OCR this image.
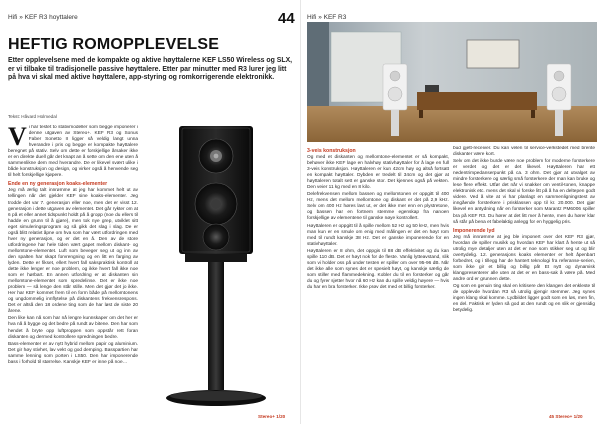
Hifi » KEF R3 hoyttalere	44
HEFTIG ROMOPPLEVELSE
Etter opplevelsene med de kompakte og aktive høyttalerne KEF LS50 Wireless og SLX, er vi tilbake til tradisjonelle passive høyttalere. Etter par minutter med R3 lurer jeg litt på hva vi skal med aktive høyttalere, app-styring og romkorrigerende elektronikk.
Tekst: Håvard Holmedal

Vi har testet to stativmodeller som begge imponerer i denne utgaven av Stereo+. KEF R3 og Sonus Faber Sonetto II ligger så veldig langt unna hverandre i pris og begge er kompakte høyttalere beregnet på stativ. Selv om dette er forskjellige årsaker ikke er en direkte duell går det knapt an å sette om den ene uten å sammenlikne dem med hverandre. De er likevel svært ulike i både konstruksjon og design, og virker også å henvende seg til helt forskjellige kjøpere.

Ende en ny generasjon koaks-elementer

Jeg må ærlig talt innrømme at jeg har kommet helt ut av tellingen når det gjelder KEF sine koaks-elementer. Jeg trodde det var 7. generasjon eller noe, men det er visst 12. generasjon i dette utgaven av elementet. Det går rykter om at 6 på et eller annet tidspunkt holdt på å gropp (noe du ellers til hadde en grunn til å gjøre), men tok nye grep, utviklet sitt eget simuleringsprogram og så gikk det slag i slag. De er også blitt relativt åpne om hva som har vært utfordringen med hver ny generasjon, og er det en å. Den av de store utfordringene har hele tiden vært gapet mellom diskant- og mellomtone-elementet. Luft som beveger seg ut og inn av den spalten har skapt forvrengning og en litt en farging av lyden. Dette er fikset, ellert hvert fall sakspraktisk kontroll at dette ikke lenger er noe problem, og ikke hvert fall ikke noe som er hørbart. En annen utfordring er at diskanten sin mellomtone-elementet som spredelinse. Det er ikke noe problem — så lenge den står stille. Men det gjør det jo ikke. Her har KEF kommet frem til en form både på mellomtonens og ungdommelig innflytelse på diskantens frekvensrespons. Det er altså den 18 ordene ting som de har løst de siste 20 årene.

Den like kan nå som har nå lengre kunnskaper om det her er hva nå å bygge og det bedre på rundt av bitene. Den har som hendet å bryte opp luftproppen som oppstår rett foran diskanten og dermed kontrollere spredningen bedre.

Bass-elementer er av nytt hybrid mellom papir og aluminium. Det gir høy stivhet, lav vekt og god demping. Basspartien har samme lenning som porten i LS50. Den har imponerende bass i forhold til størrelse. Kanskje KEF er inne på noe…

Stereo+ 1/20
Hifi » KEF R3
3-veis konstruksjon

Og med et diskanten og mellomtone-elementet er så kompakt, behøver ikke KEF lage en halvhøy stativhøyttaler for å lage en full 3-veis konstruksjon. Høyttaleren er kun 42cm høy og altså fortsatt en kompakt høyttaler. Dybden er tredelt til 34cm og det gjør at høyttaleren totalt sett er ganske stor. Det kjennes også på vekten. Den veier 11 kg med en 8 kilo.

Delefrekvensen mellom bassen og mellomtonen er oppgitt til 400 Hz, mens det mellom mellomtone og diskant er det på 2,9 kHz. Selv om 400 Hz høres lavt ut, er det ikke mer enn en plystretone, og bassen har en fortnem stemme egenskap fra nanoen forskjellige av elementene til ganske nøye kontrollert.

Høyttaleren er oppgitt til å spille mellom 52 Hz og 50 kHz, men hvis man kun er en smule om enig med målingen er det en høyt rom med til rundt kanskje 38 Hz. Det er ganske imponerende for en stativhøyttaler.

Høyttaleren er 8 ohm, det oppgis til 88 dB effektivitet og du kan spille 110 dB. Det er høyt nok for de fleste. Vanlig lytteavstand, slik som vi holder oss på under testen er spiller om over 95-96 dB. Når det ikke alle som synes det er spesielt høyt, og kanskje særlig de som stiller med flammedekning. Kobler du til en forsterker og går du og fyrer sjetter hvor nå 60 Hz kan du spille veldig høyere — hvis du har en bra forsterker. Ikke prøv det med et billig forsterker.

bud gjett-receiver. Du kan velen til service-verkstedet med brente diskanter være kort.

Selv om det ikke burde være noe problem for moderne forsterkere er verdet og det er det likevel. Høyttaleren har ett nedentrimpedanserpunkt på ca. 3 ohm. Det gjør at utvalget av mindre forsterkere og særlig små forsterkere der man kan bruke og lese flere effekt. Utfør det når vi snakker om ventil-tonen, knappe elektronisk etc. mens det skal vi forske litt på å ha en deltepen godt videre. Ved å vite at vi har planlagt en sammenligningstest av inngående forsterkere i prisklassen opp til kr. 20.000. Det gjør likevel en antydning når en forsterker som Marantz PM6006 spiller bra på KEF R3. Du hører at det litt mer å hente, men du hører klar så står på bena et fabelaktig anlegg for en hyggelig pris.

Imponerende lyd

Jeg må innrømme at jeg ble imponert over det KEF R3 gjør, hvordan de spiller musikk og hvordan KEF har klart å hente ut så utrolig mye detaljer uten at det er noe som stikker seg ut og blir overtydelig. 12. generasjons koaks elementer er helt åpenbart forbedret, og i tillegg har de hantert teknologi fra referanse-serien, som ikke gir et billig og billig på! Et nytt og dynamisk klangpresenterer alle uten at det er en bass-sak å være på. Med andre ord er grunnen dette.

Og som en genuin ting skal en kritisere den klangen det enkleste til de opplevde hvordan R3 så utrolig gjengir stemmer. Jeg synes ingen klang skal komme. Lydbildet ligger godt som en løs, men fin, en del. Faktisk er lyden så god at den rundt og en slik er gjensidig betydelig.

45 Stereo+ 1/20
